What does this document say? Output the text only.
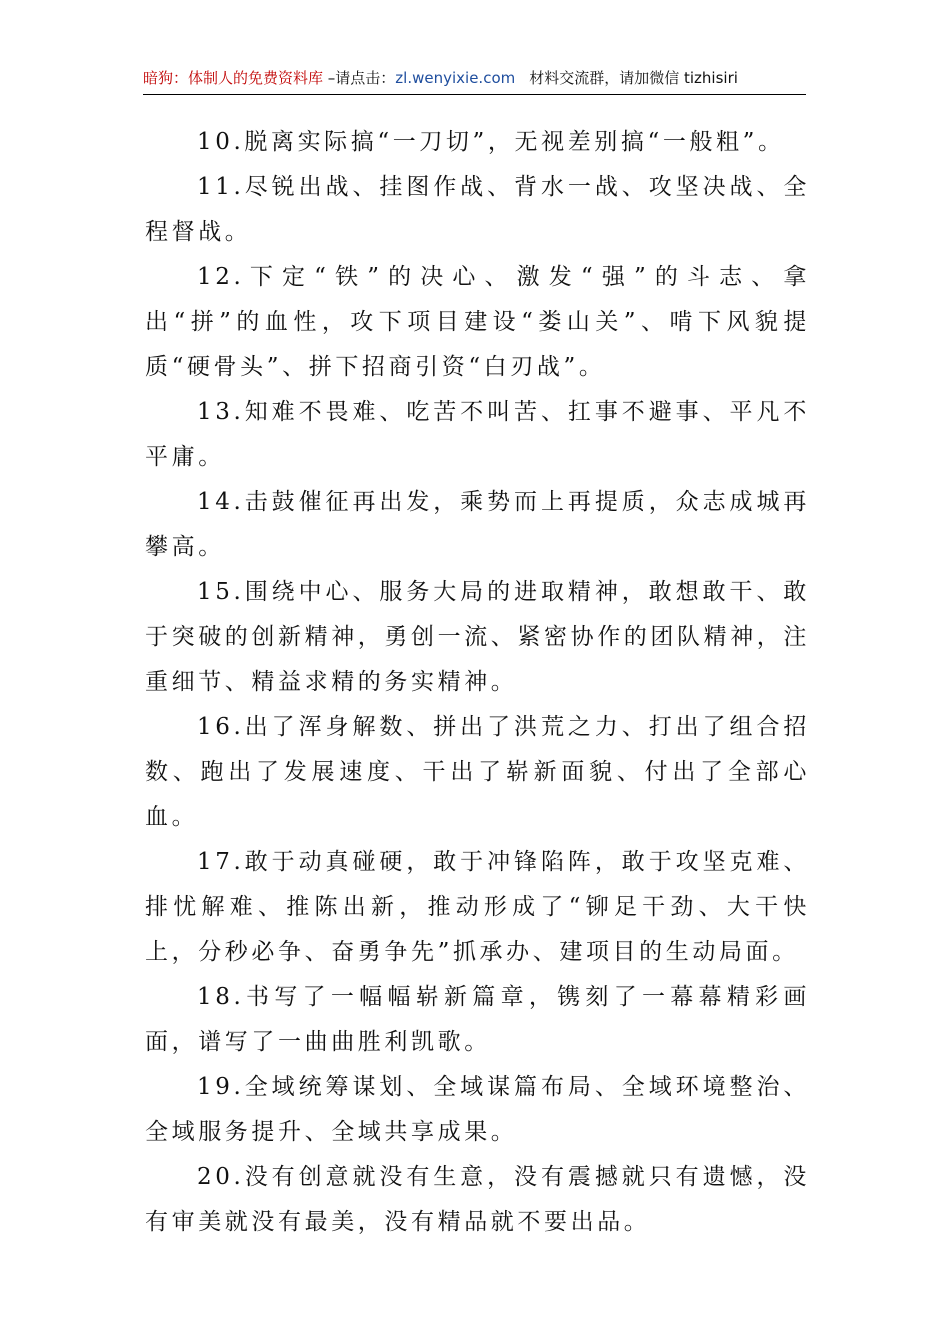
暗狗：体制人的免费资料库 –请点击：zl.wenyixie.com 材料交流群，请加微信 tizhisiri

10.脱离实际搞“一刀切”，无视差别搞“一般粗”。

11.尽锐出战、挂图作战、背水一战、攻坚决战、全程督战。

12.下定“铁”的决心、激发“强”的斗志、拿出“拼”的血性，攻下项目建设“娄山关”、啃下风貌提质“硬骨头”、拼下招商引资“白刃战”。

13.知难不畏难、吃苦不叫苦、扛事不避事、平凡不平庸。

14.击鼓催征再出发，乘势而上再提质，众志成城再攀高。

15.围绕中心、服务大局的进取精神，敢想敢干、敢于突破的创新精神，勇创一流、紧密协作的团队精神，注重细节、精益求精的务实精神。

16.出了浑身解数、拼出了洪荒之力、打出了组合招数、跑出了发展速度、干出了崭新面貌、付出了全部心血。

17.敢于动真碰硬，敢于冲锋陷阵，敢于攻坚克难、排忧解难、推陈出新，推动形成了“铆足干劲、大干快上，分秒必争、奋勇争先”抓承办、建项目的生动局面。

18.书写了一幅幅崭新篇章，镌刻了一幕幕精彩画面，谱写了一曲曲胜利凯歌。

19.全域统筹谋划、全域谋篇布局、全域环境整治、全域服务提升、全域共享成果。

20.没有创意就没有生意，没有震撼就只有遗憾，没有审美就没有最美，没有精品就不要出品。
